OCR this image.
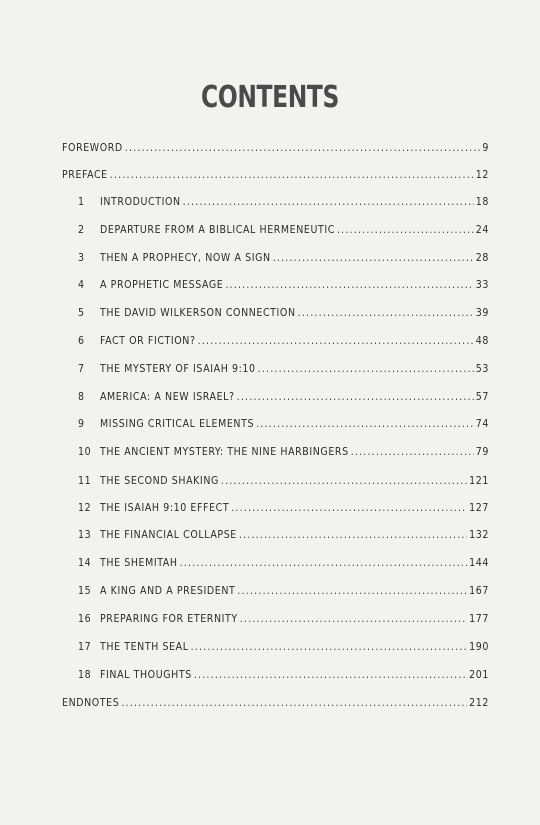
CONTENTS
FOREWORD .....	9
PREFACE .....	12
1	INTRODUCTION .....	18
2	DEPARTURE FROM A BIBLICAL HERMENEUTIC .....	24
3	THEN A PROPHECY, NOW A SIGN .....	28
4	A PROPHETIC MESSAGE .....	33
5	THE DAVID WILKERSON CONNECTION .....	39
6	FACT OR FICTION? .....	48
7	THE MYSTERY OF ISAIAH 9:10 .....	53
8	AMERICA: A NEW ISRAEL? .....	57
9	MISSING CRITICAL ELEMENTS .....	74
10 THE ANCIENT MYSTERY: THE NINE HARBINGERS .....	79
11 THE SECOND SHAKING .....	121
12 THE ISAIAH 9:10 EFFECT .....	127
13 THE FINANCIAL COLLAPSE .....	132
14 THE SHEMITAH .....	144
15 A KING AND A PRESIDENT .....	167
16 PREPARING FOR ETERNITY .....	177
17 THE TENTH SEAL .....	190
18 FINAL THOUGHTS .....	201
ENDNOTES .....	212
